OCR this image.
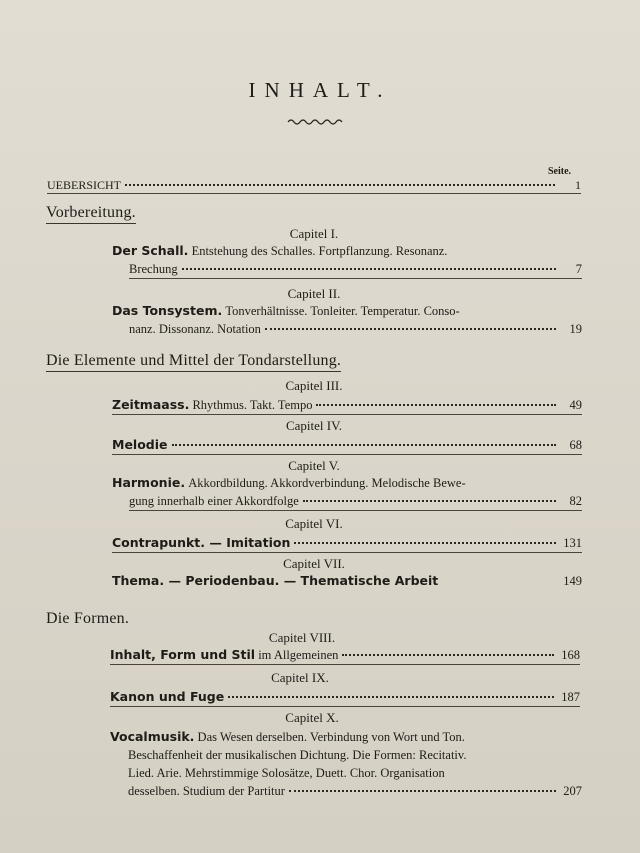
INHALT.
Seite.
UEBERSICHT	1
Vorbereitung.
Capitel I.
Der Schall.
Entstehung des Schalles. Fortpflanzung. Resonanz.
Brechung	7
Capitel II.
Das Tonsystem.
Tonverhältnisse. Tonleiter. Temperatur. Conso-
nanz. Dissonanz. Notation	19
Die Elemente und Mittel der Tondarstellung.
Capitel III.
Zeitmaass.
Rhythmus. Takt. Tempo	49
Capitel IV.
Melodie	68
Capitel V.
Harmonie.
Akkordbildung. Akkordverbindung. Melodische Bewe-
gung innerhalb einer Akkordfolge	82
Capitel VI.
Contrapunkt. — Imitation	131
Capitel VII.
Thema. — Periodenbau. — Thematische Arbeit	149
Die Formen.
Capitel VIII.
Inhalt, Form und Stil
im Allgemeinen	168
Capitel IX.
Kanon und Fuge	187
Capitel X.
Vocalmusik.
Das Wesen derselben. Verbindung von Wort und Ton.
Beschaffenheit der musikalischen Dichtung. Die Formen: Recitativ.
Lied. Arie. Mehrstimmige Solosätze, Duett. Chor. Organisation
desselben. Studium der Partitur	207
